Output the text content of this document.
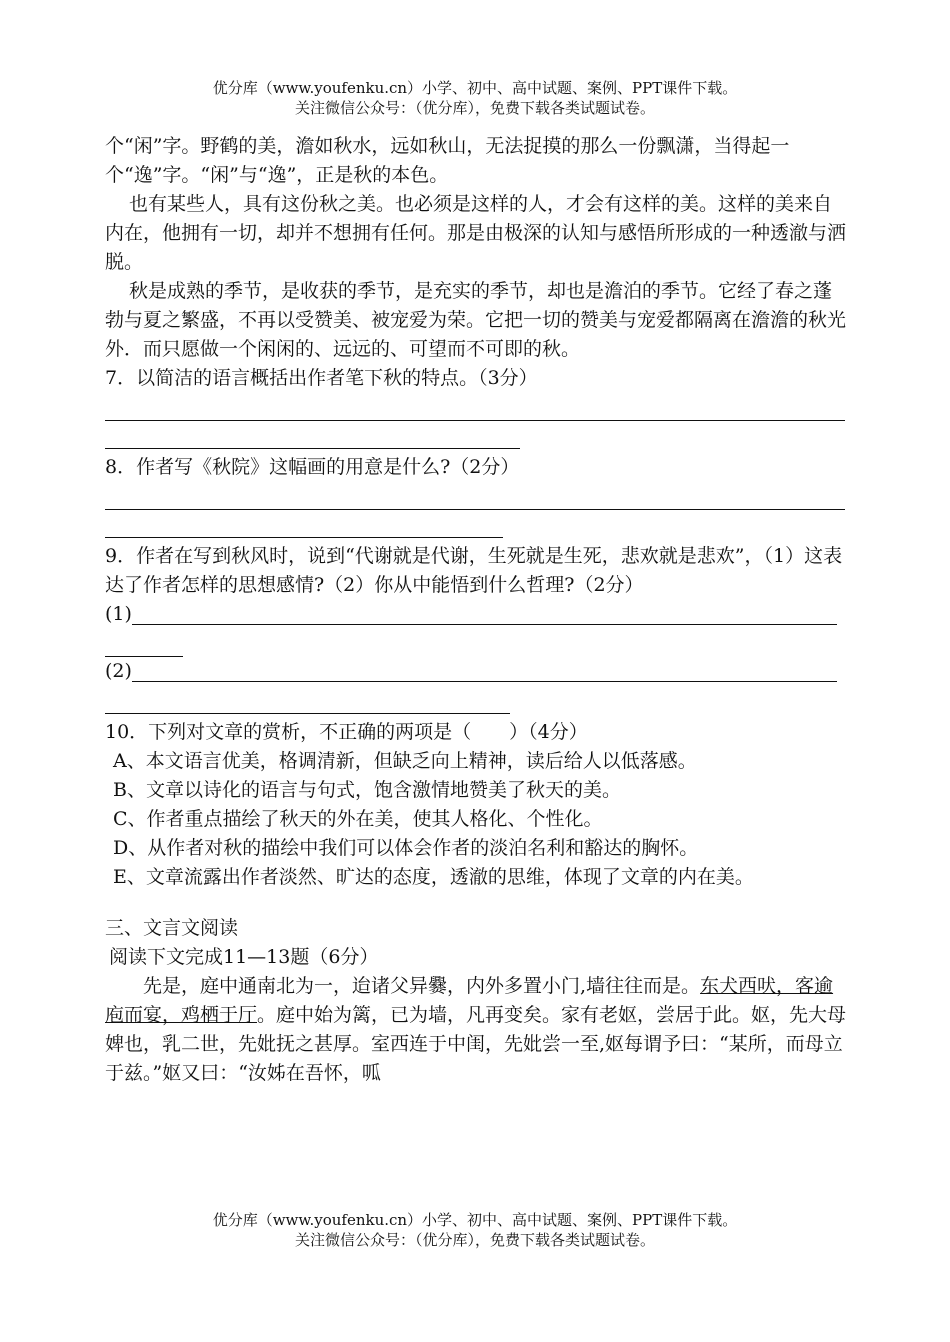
优分库（www.youfenku.cn）小学、初中、高中试题、案例、PPT课件下载。
关注微信公众号：（优分库），免费下载各类试题试卷。

个“闲”字。野鹤的美，澹如秋水，远如秋山，无法捉摸的那么一份飘潇，当得起一个“逸”字。“闲”与“逸”，正是秋的本色。

也有某些人，具有这份秋之美。也必须是这样的人，才会有这样的美。这样的美来自内在，他拥有一切，却并不想拥有任何。那是由极深的认知与感悟所形成的一种透澈与洒脱。

秋是成熟的季节，是收获的季节，是充实的季节，却也是澹泊的季节。它经了春之蓬勃与夏之繁盛，不再以受赞美、被宠爱为荣。它把一切的赞美与宠爱都隔离在澹澹的秋光外．而只愿做一个闲闲的、远远的、可望而不可即的秋。

7．以简洁的语言概括出作者笔下秋的特点。（3分）

8．作者写《秋院》这幅画的用意是什么?（2分）

9．作者在写到秋风时，说到“代谢就是代谢，生死就是生死，悲欢就是悲欢”，（1）这表达了作者怎样的思想感情?（2）你从中能悟到什么哲理?（2分）

(1)
(2)

10．下列对文章的赏析，不正确的两项是（　　）（4分）

A、本文语言优美，格调清新，但缺乏向上精神，读后给人以低落感。

B、文章以诗化的语言与句式，饱含激情地赞美了秋天的美。

C、作者重点描绘了秋天的外在美，使其人格化、个性化。

D、从作者对秋的描绘中我们可以体会作者的淡泊名利和豁达的胸怀。

E、文章流露出作者淡然、旷达的态度，透澈的思维，体现了文章的内在美。

三、文言文阅读

阅读下文完成11—13题（6分）

先是，庭中通南北为一，迨诸父异爨，内外多置小门,墙往往而是。东犬西吠，客逾庖而宴，鸡栖于厅。庭中始为篱，已为墙，凡再变矣。家有老妪，尝居于此。妪，先大母婢也，乳二世，先妣抚之甚厚。室西连于中闺，先妣尝一至,妪每谓予曰：“某所，而母立于兹。”妪又曰：“汝姊在吾怀，呱

优分库（www.youfenku.cn）小学、初中、高中试题、案例、PPT课件下载。
关注微信公众号：（优分库），免费下载各类试题试卷。
